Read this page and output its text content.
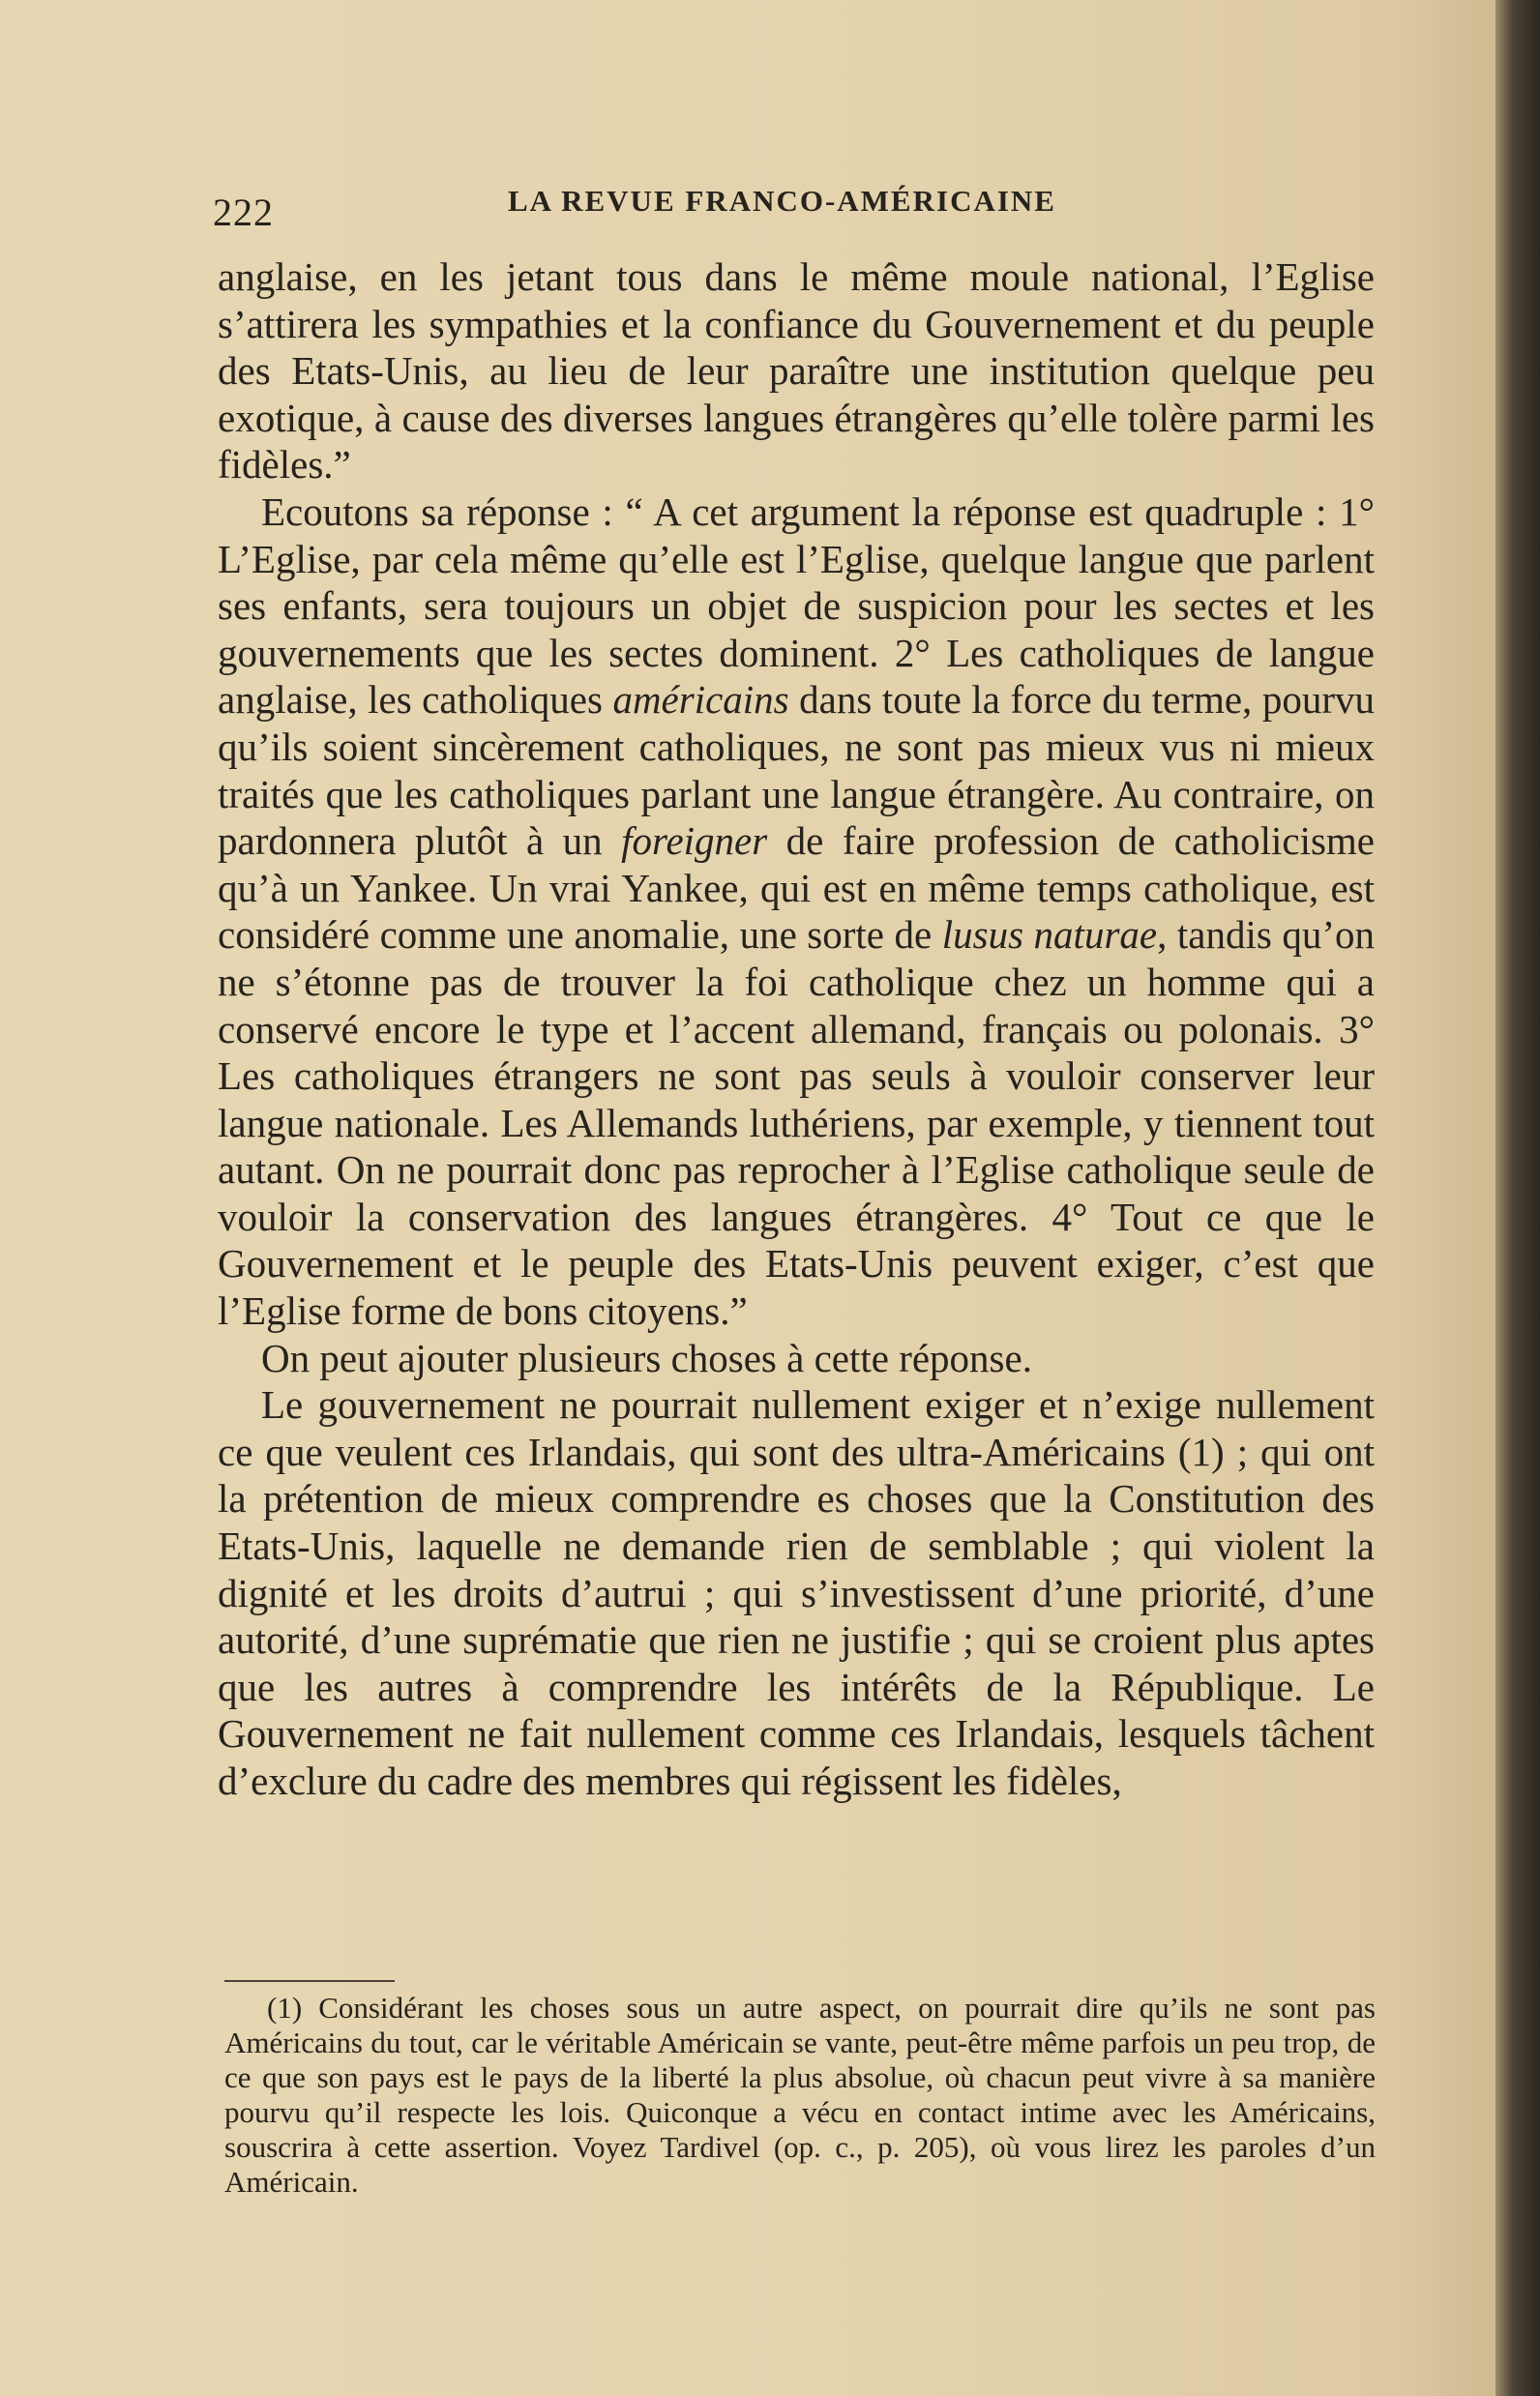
222	LA REVUE FRANCO-AMÉRICAINE

anglaise, en les jetant tous dans le même moule national, l’Eglise s’attirera les sympathies et la confiance du Gouvernement et du peuple des Etats-Unis, au lieu de leur paraître une institution quelque peu exotique, à cause des diverses langues étrangères qu’elle tolère parmi les fidèles.”

Ecoutons sa réponse : “ A cet argument la réponse est quadruple : 1° L’Eglise, par cela même qu’elle est l’Eglise, quelque langue que parlent ses enfants, sera toujours un objet de suspicion pour les sectes et les gouvernements que les sectes dominent. 2° Les catholiques de langue anglaise, les catholiques américains dans toute la force du terme, pourvu qu’ils soient sincèrement catholiques, ne sont pas mieux vus ni mieux traités que les catholiques parlant une langue étrangère. Au contraire, on pardonnera plutôt à un foreigner de faire profession de catholicisme qu’à un Yankee. Un vrai Yankee, qui est en même temps catholique, est considéré comme une anomalie, une sorte de lusus naturae, tandis qu’on ne s’étonne pas de trouver la foi catholique chez un homme qui a conservé encore le type et l’accent allemand, français ou polonais. 3° Les catholiques étrangers ne sont pas seuls à vouloir conserver leur langue nationale. Les Allemands luthériens, par exemple, y tiennent tout autant. On ne pourrait donc pas reprocher à l’Eglise catholique seule de vouloir la conservation des langues étrangères. 4° Tout ce que le Gouvernement et le peuple des Etats-Unis peuvent exiger, c’est que l’Eglise forme de bons citoyens.”

On peut ajouter plusieurs choses à cette réponse.

Le gouvernement ne pourrait nullement exiger et n’exige nullement ce que veulent ces Irlandais, qui sont des ultra-Américains (1) ; qui ont la prétention de mieux comprendre es choses que la Constitution des Etats-Unis, laquelle ne demande rien de semblable ; qui violent la dignité et les droits d’autrui ; qui s’investissent d’une priorité, d’une autorité, d’une suprématie que rien ne justifie ; qui se croient plus aptes que les autres à comprendre les intérêts de la République. Le Gouvernement ne fait nullement comme ces Irlandais, lesquels tâchent d’exclure du cadre des membres qui régissent les fidèles,

(1) Considérant les choses sous un autre aspect, on pourrait dire qu’ils ne sont pas Américains du tout, car le véritable Américain se vante, peut-être même parfois un peu trop, de ce que son pays est le pays de la liberté la plus absolue, où chacun peut vivre à sa manière pourvu qu’il respecte les lois. Quiconque a vécu en contact intime avec les Américains, souscrira à cette assertion. Voyez Tardivel (op. c., p. 205), où vous lirez les paroles d’un Américain.
